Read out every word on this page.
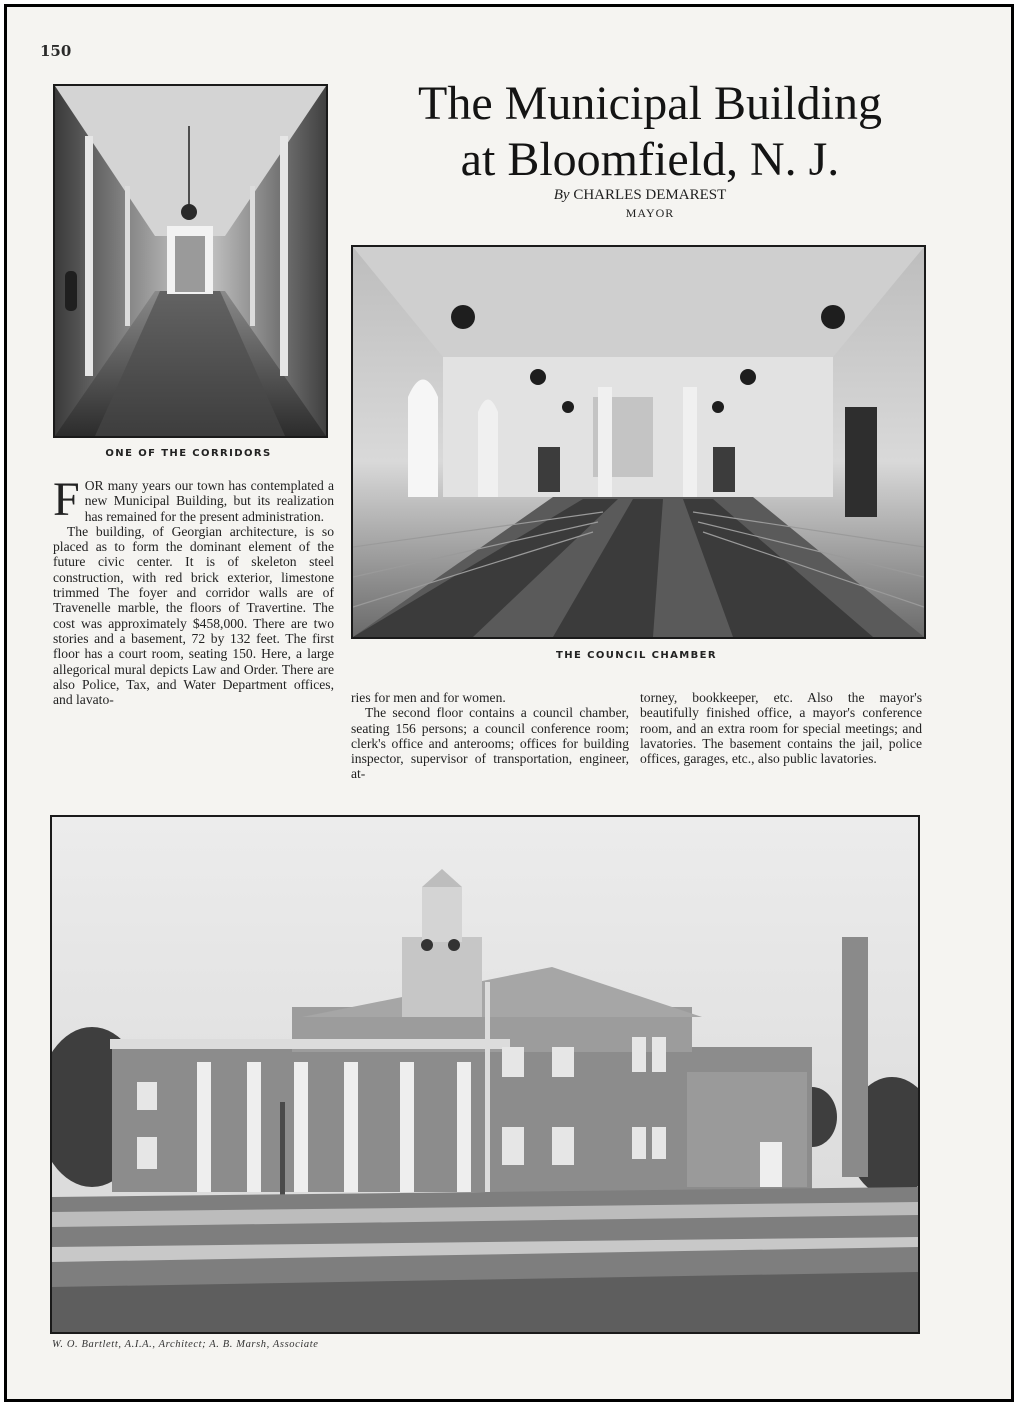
150
ONE OF THE CORRIDORS
The Municipal Building
at Bloomfield, N. J.
By CHARLES DEMAREST
MAYOR
THE COUNCIL CHAMBER

FOR many years our town has contemplated a new Municipal Building, but its realization has remained for the present administration.

The building, of Georgian architecture, is so placed as to form the dominant element of the future civic center. It is of skeleton steel construction, with red brick exterior, limestone trimmed The foyer and corridor walls are of Travenelle marble, the floors of Travertine. The cost was approximately $458,000. There are two stories and a basement, 72 by 132 feet. The first floor has a court room, seating 150. Here, a large allegorical mural depicts Law and Order. There are also Police, Tax, and Water Department offices, and lavato-	ries for men and for women.

The second floor contains a council chamber, seating 156 persons; a council conference room; clerk's office and anterooms; offices for building inspector, supervisor of transportation, engineer, at-

torney, bookkeeper, etc. Also the mayor's beautifully finished office, a mayor's conference room, and an extra room for special meetings; and lavatories. The basement contains the jail, police offices, garages, etc., also public lavatories.

W. O. Bartlett, A.I.A., Architect; A. B. Marsh, Associate
